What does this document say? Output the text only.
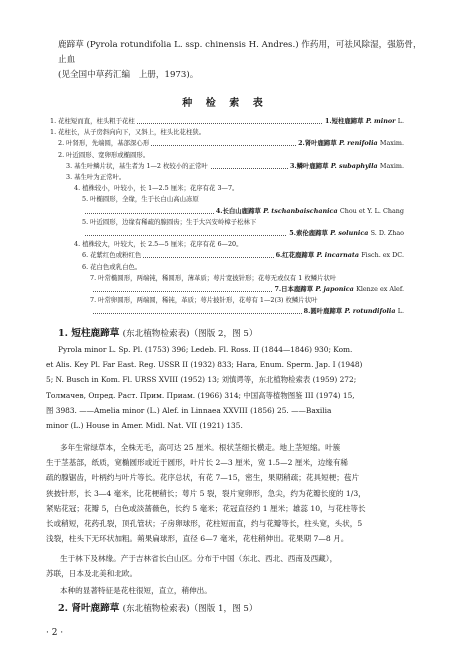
鹿蹄草 (Pyrola rotundifolia L. ssp. chinensis H. Andres.) 作药用，可祛风除湿，强筋骨，止血
(见全国中草药汇编　上册，1973)。
种 检 索 表
1. 花柱短而直，柱头粗于花柱	1.短柱鹿蹄草 P. minor L.
1. 花柱长，从子房斜向向下，又斜上，柱头比花柱狭。
2. 叶肾形，先端圆，基部深心形	2.肾叶鹿蹄草 P. renifolia Maxim.
2. 叶近圆形、宽卵形或椭圆形。
3. 基生叶鳞片状，基生者为 1—2 枚较小的正常叶	3.鳞叶鹿蹄草 P. subaphylla Maxim.
3. 基生叶为正常叶。
4. 植株较小，叶较小，长 1—2.5 厘米；花序有花 3—7。
5. 叶椭圆形，全缘，生于长白山高山冻原
4.长白山鹿蹄草 P. tschanbaischanica Chou et Y. L. Chang
5. 叶近圆形，边缘有稀疏的腺圆齿；生于大兴安岭樟子松林下
5.索伦鹿蹄草 P. solunica S. D. Zhao
4. 植株较大，叶较大，长 2.5—5 厘米；花序有花 6—20。
6. 花紫红色或粉红色	6.红花鹿蹄草 P. incarnata Fisch. ex DC.
6. 花白色或乳白色。
7. 叶常椭圆形，两端钝，稀圆形，薄革质；萼片宽披针形；花萼无或仅有 1 枚鳞片状叶
7.日本鹿蹄草 P. japonica Klenze ex Alef.
7. 叶常卵圆形，两端圆，稀钝，革质；萼片披针形，花萼有 1—2(3) 枚鳞片状叶
8.圆叶鹿蹄草 P. rotundifolia L.
1. 短柱鹿蹄草 (东北植物检索表)（图版 2，图 5）
Pyrola minor L. Sp. Pl. (1753) 396; Ledeb. Fl. Ross. II (1844—1846) 930; Kom.
et Alis. Key Pl. Far East. Reg. USSR II (1932) 833; Hara, Enum. Sperm. Jap. I (1948)
5; N. Busch in Kom. Fl. URSS XVIII (1952) 13; 刘慎谔等，东北植物检索表 (1959) 272;
Толмачев, Опред. Раст. Прим. Приам. (1966) 314; 中国高等植物图鉴 III (1974) 15,
图 3983. ——Amelia minor (L.) Alef. in Linnaea XXVIII (1856) 25. ——Baxilia
minor (L.) House in Amer. Midl. Nat. VII (1921) 135.
多年生常绿草本，全株无毛，高可达 25 厘米。根状茎细长横走。地上茎短缩。叶簇
生于茎基部，纸质，宽椭圆形或近于圆形，叶片长 2—3 厘米，宽 1.5—2 厘米，边缘有稀
疏的腺锯齿，叶柄约与叶片等长。花序总状，有花 7—15，密生，果期稍疏；花具短梗；苞片
狭披针形，长 3—4 毫米，比花梗稍长；萼片 5 裂，裂片宽卵形，急尖，约为花瓣长度的 1/3，
紧贴花冠；花瓣 5，白色或淡蔷薇色，长约 5 毫米；花冠直径约 1 厘米；雄蕊 10，与花柱等长
长或稍短，花药孔裂，顶孔管状；子房卵球形，花柱短而直，约与花瓣等长，柱头宽，头状，5
浅裂，柱头下无环状加粗。蒴果扁球形，直径 6—7 毫米，花柱稍伸出。花果期 7—8 月。
生于林下及林缘。产于吉林省长白山区。分布于中国（东北、西北、西南及西藏），
苏联，日本及北美和北欧。
本种的显著特征是花柱很短，直立，稍伸出。
2. 肾叶鹿蹄草 (东北植物检索表)（图版 1，图 5）
· 2 ·
